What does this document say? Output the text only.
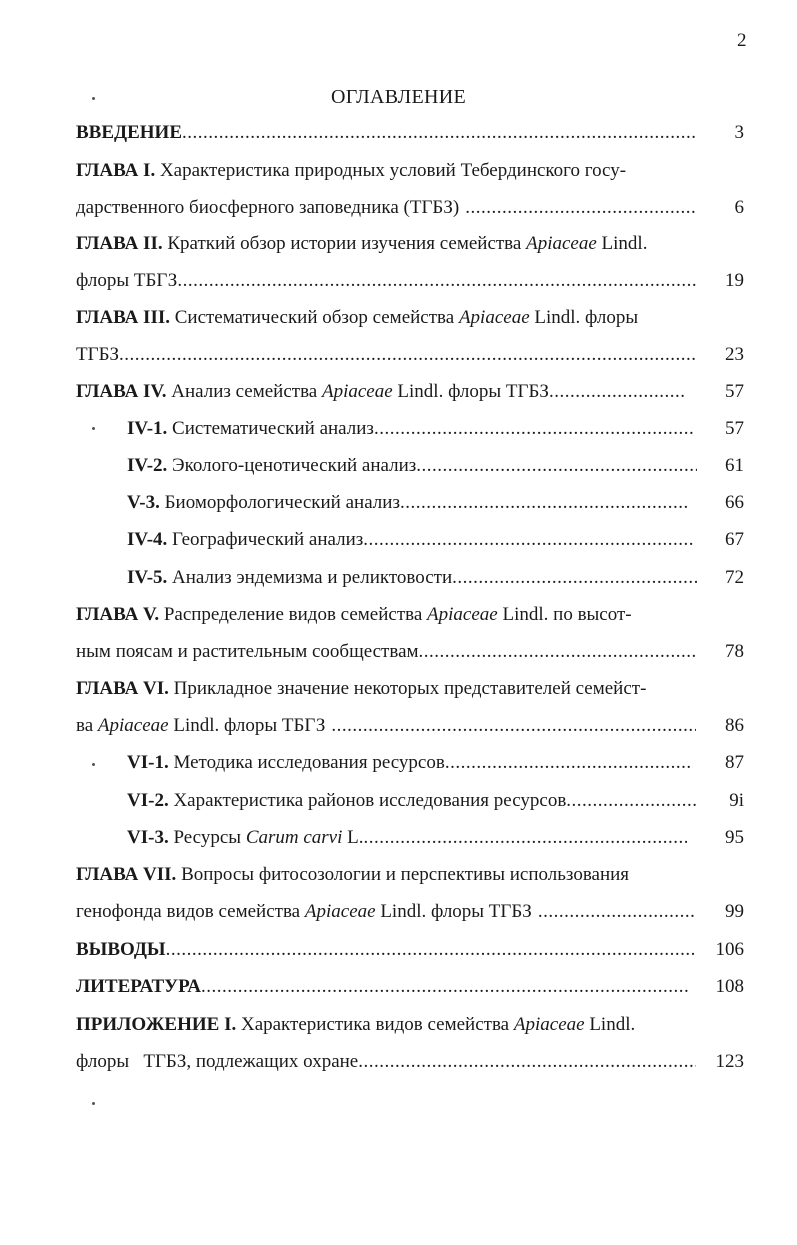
2
ОГЛАВЛЕНИЕ
ВВЕДЕНИЕ .....	3
ГЛАВА I. Характеристика природных условий Тебердинского госу-
дарственного биосферного заповедника (ТГБЗ) .....	6
ГЛАВА II. Краткий обзор истории изучения семейства Apiaceae Lindl.
флоры ТБГЗ .....	19
ГЛАВА III. Систематический обзор семейства Apiaceae Lindl. флоры
ТГБЗ .....	23
ГЛАВА IV. Анализ семейства Apiaceae Lindl. флоры ТГБЗ .....	57
IV-1. Систематический анализ .....	57
IV-2. Эколого-ценотический анализ .....	61
V-3. Биоморфологический анализ .....	66
IV-4. Географический анализ .....	67
IV-5. Анализ эндемизма и реликтовости .....	72
ГЛАВА V. Распределение видов семейства Apiaceae Lindl. по высот-
ным поясам и растительным сообществам .....	78
ГЛАВА VI. Прикладное значение некоторых представителей семейст-
ва Apiaceae Lindl. флоры ТБГЗ .....	86
VI-1. Методика исследования ресурсов .....	87
VI-2. Характеристика районов исследования ресурсов .....	9i
VI-3. Ресурсы Carum carvi L. .....	95
ГЛАВА VII. Вопросы фитосозологии и перспективы использования
генофонда видов семейства Apiaceae Lindl. флоры ТГБЗ .....	99
ВЫВОДЫ .....	106
ЛИТЕРАТУРА .....	108
ПРИЛОЖЕНИЕ I. Характеристика видов семейства Apiaceae Lindl.
флоры   ТГБЗ, подлежащих охране .....	123
